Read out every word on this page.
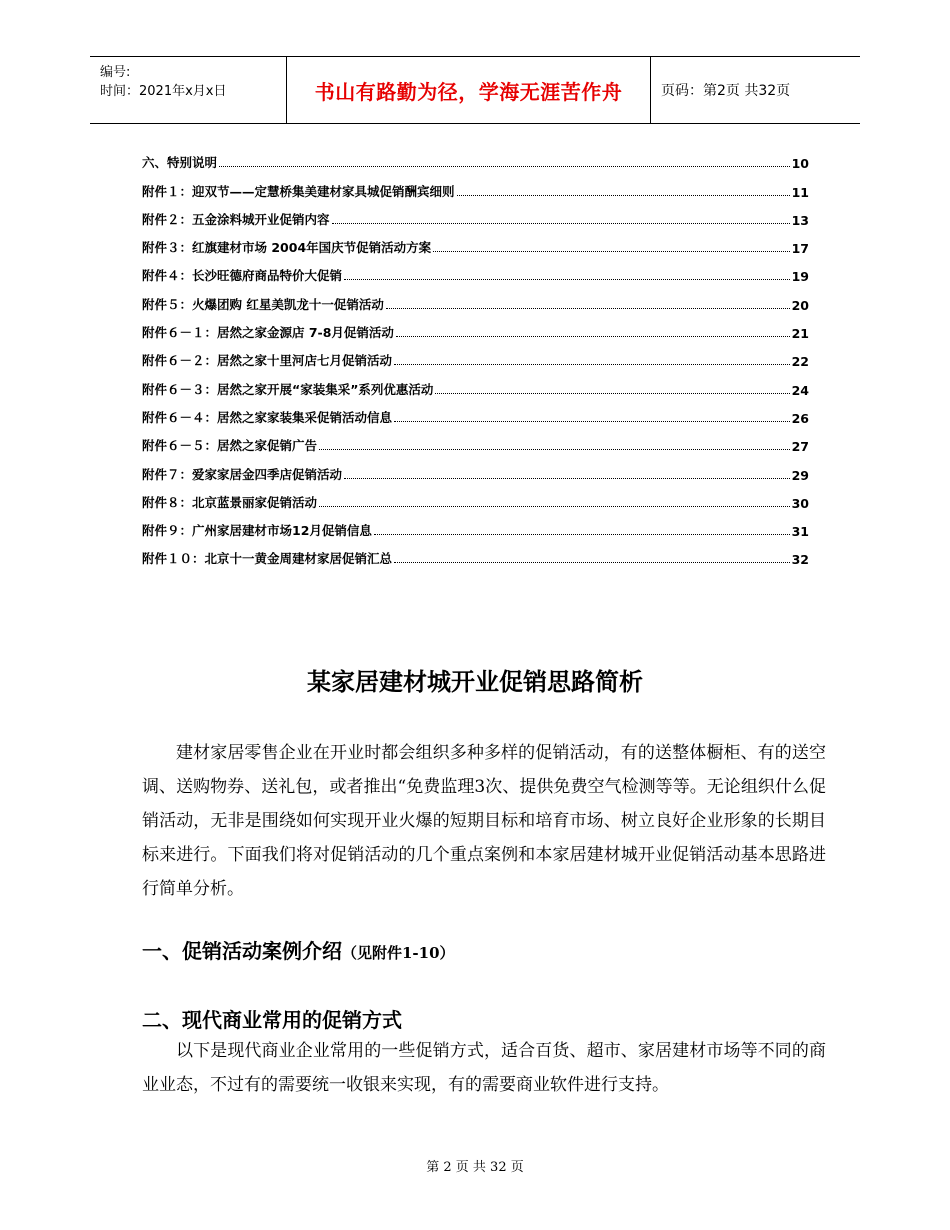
编号:
时间：2021年x月x日	书山有路勤为径，学海无涯苦作舟	页码：第2页 共32页
六、特别说明	10
附件１：迎双节——定慧桥集美建材家具城促销酬宾细则	11
附件２：五金涂料城开业促销内容	13
附件３：红旗建材市场 2004年国庆节促销活动方案	17
附件４：长沙旺德府商品特价大促销	19
附件５：火爆团购 红星美凯龙十一促销活动	20
附件６－１：居然之家金源店 7-8月促销活动	21
附件６－２：居然之家十里河店七月促销活动	22
附件６－３：居然之家开展“家装集采”系列优惠活动	24
附件６－４：居然之家家装集采促销活动信息	26
附件６－５：居然之家促销广告	27
附件７：爱家家居金四季店促销活动	29
附件８：北京蓝景丽家促销活动	30
附件９：广州家居建材市场12月促销信息	31
附件１０：北京十一黄金周建材家居促销汇总	32
某家居建材城开业促销思路简析
建材家居零售企业在开业时都会组织多种多样的促销活动，有的送整体橱柜、有的送空调、送购物券、送礼包，或者推出“免费监理3次、提供免费空气检测等等。无论组织什么促销活动，无非是围绕如何实现开业火爆的短期目标和培育市场、树立良好企业形象的长期目标来进行。下面我们将对促销活动的几个重点案例和本家居建材城开业促销活动基本思路进行简单分析。
一、促销活动案例介绍（见附件1-10）
二、现代商业常用的促销方式
以下是现代商业企业常用的一些促销方式，适合百货、超市、家居建材市场等不同的商业业态，不过有的需要统一收银来实现，有的需要商业软件进行支持。
第 2 页 共 32 页
